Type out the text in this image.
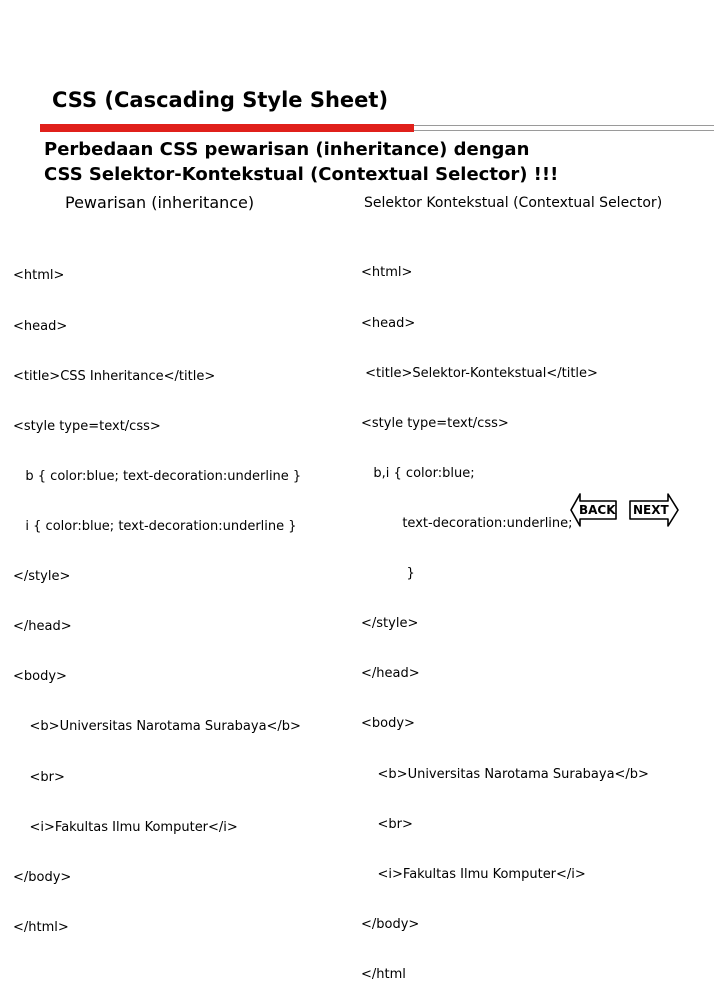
CSS (Cascading Style Sheet)
Perbedaan CSS pewarisan (inheritance) dengan
CSS Selektor-Kontekstual (Contextual Selector) !!!
Pewarisan (inheritance)	Selektor Kontekstual (Contextual Selector)

<html>

<head>

<title>CSS Inheritance</title>

<style type=text/css>

b { color:blue; text-decoration:underline }

i { color:blue; text-decoration:underline }

</style>

</head>

<body>

<b>Universitas Narotama Surabaya</b>

<br>

<i>Fakultas Ilmu Komputer</i>

</body>

</html>

<html>

<head>

<title>Selektor-Kontekstual</title>

<style type=text/css>

b,i { color:blue;

text-decoration:underline;

}

</style>

</head>

<body>

<b>Universitas Narotama Surabaya</b>

<br>

<i>Fakultas Ilmu Komputer</i>

</body>

</html

BACK NEXT
